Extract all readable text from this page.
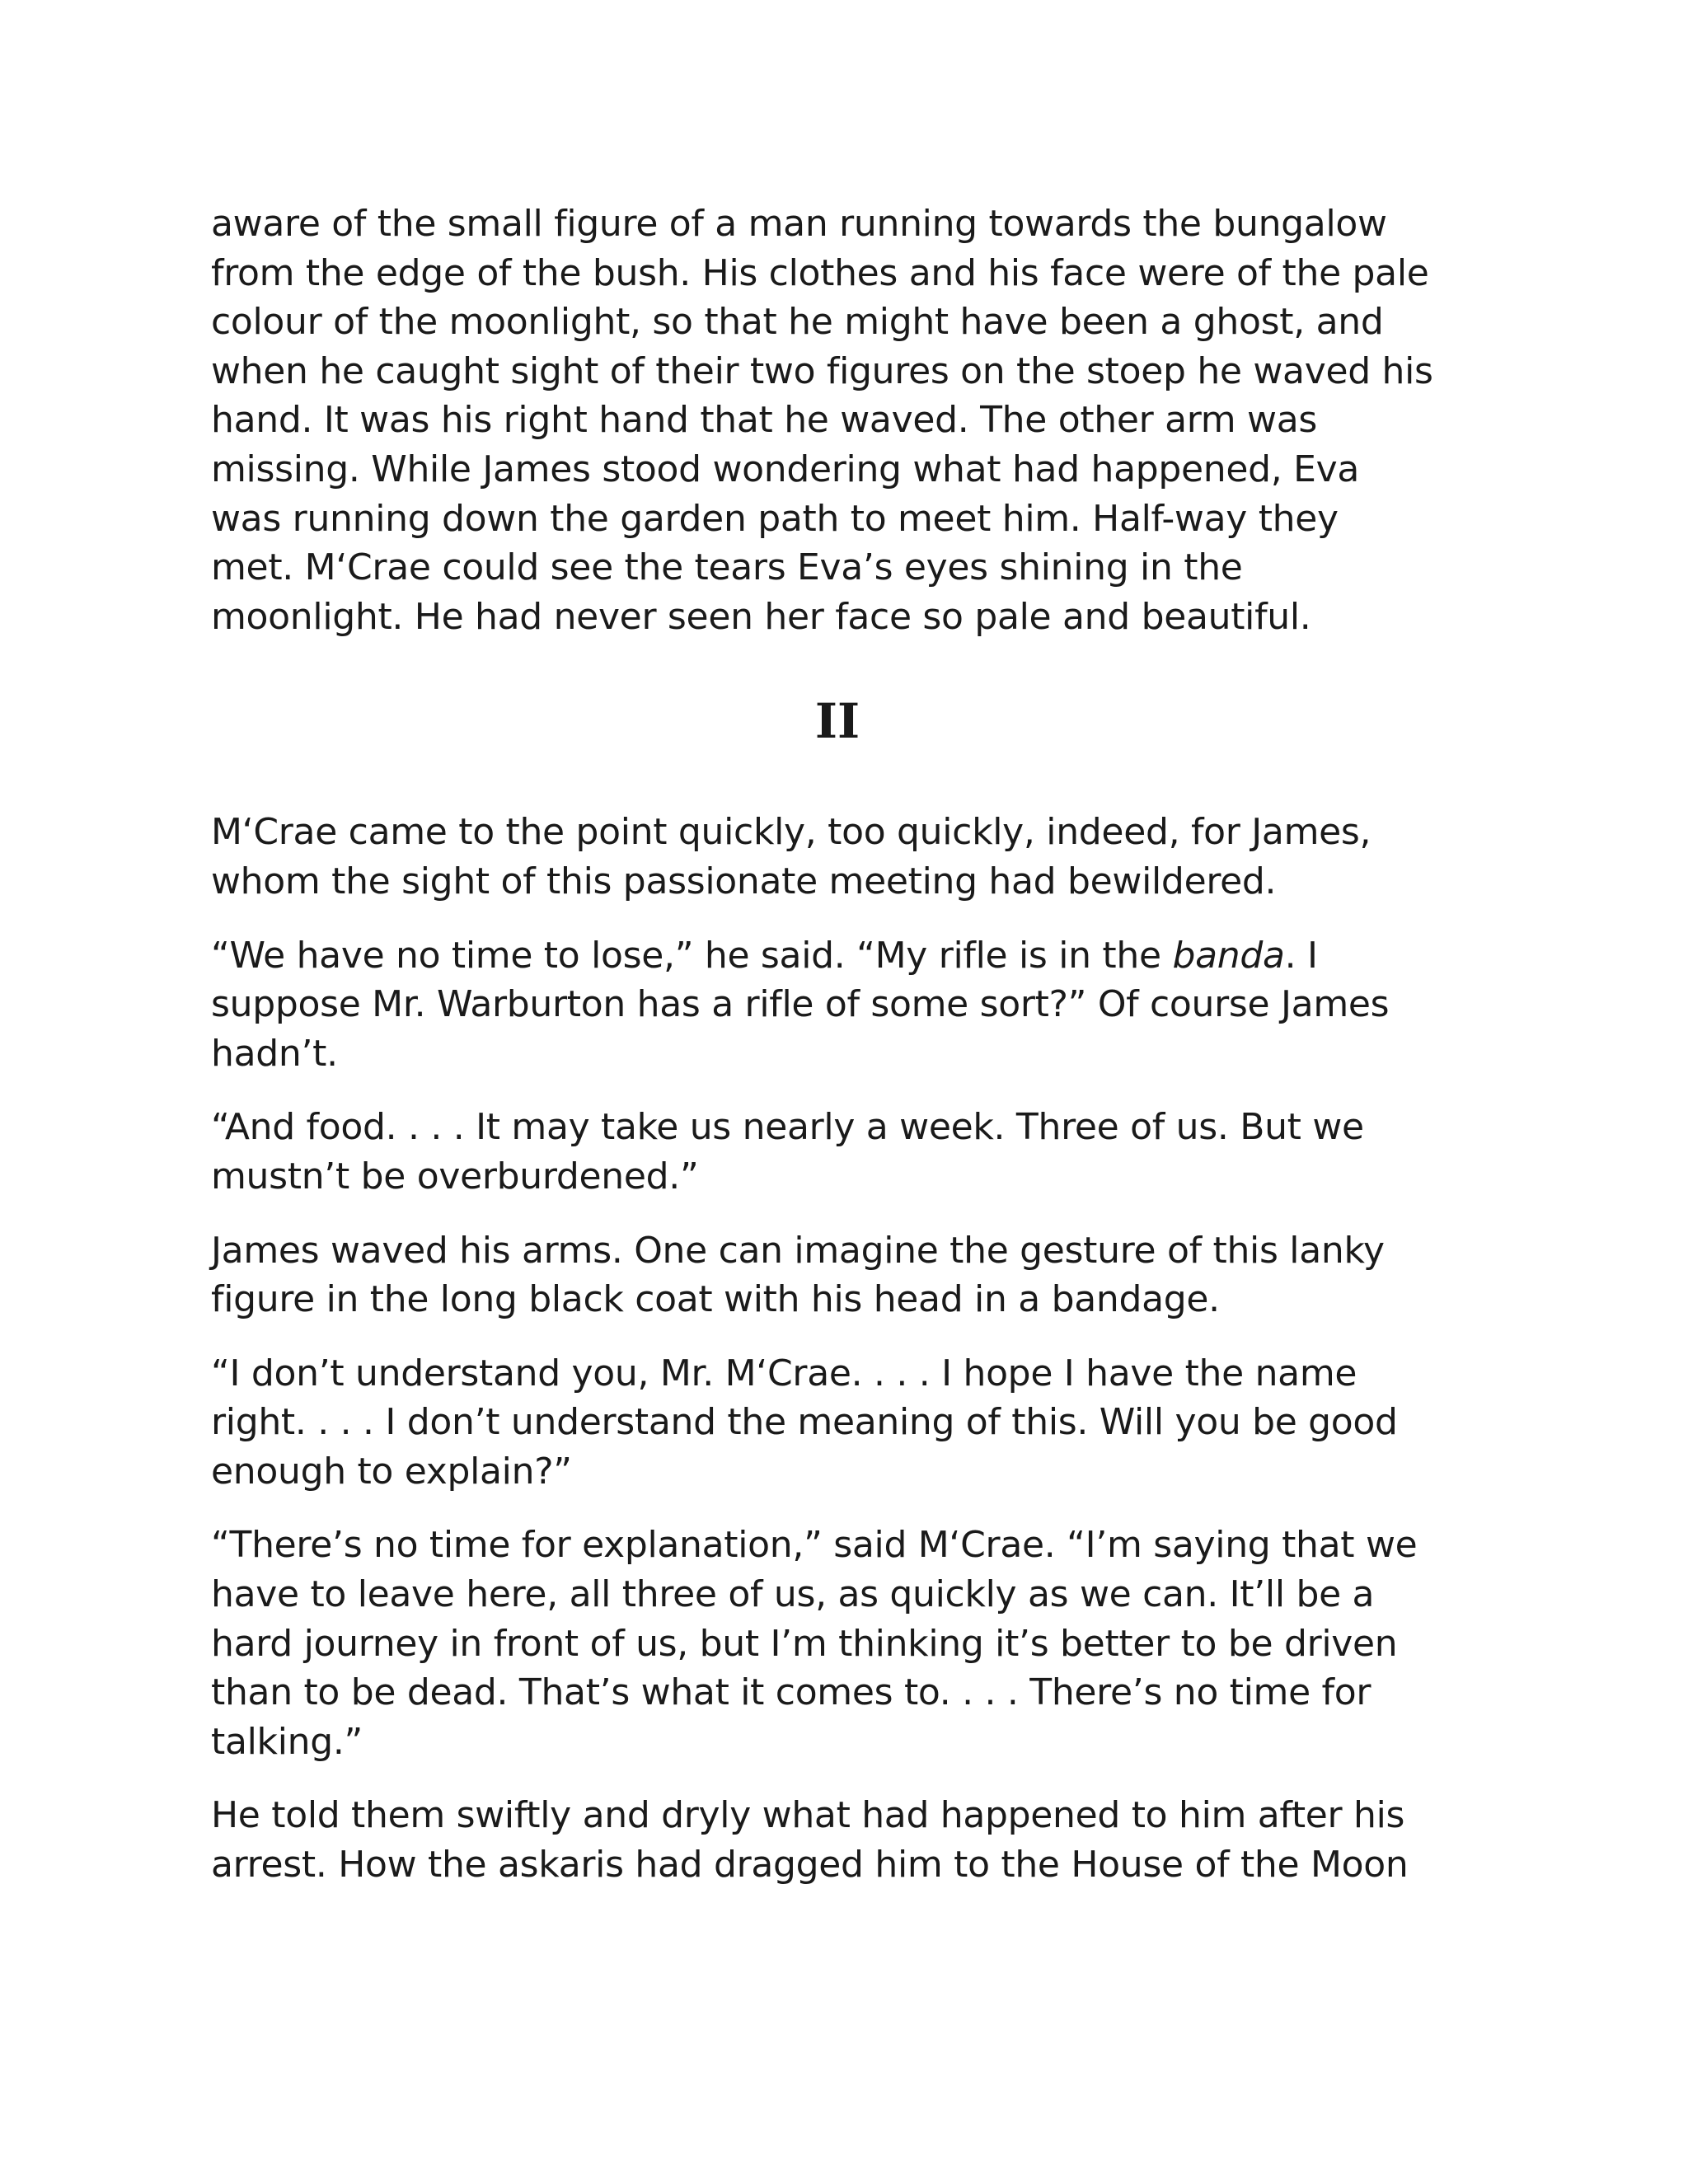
aware of the small figure of a man running towards the bungalow
from the edge of the bush. His clothes and his face were of the pale
colour of the moonlight, so that he might have been a ghost, and
when he caught sight of their two figures on the stoep he waved his
hand. It was his right hand that he waved. The other arm was
missing. While James stood wondering what had happened, Eva
was running down the garden path to meet him. Half-way they
met. M‘Crae could see the tears Eva’s eyes shining in the
moonlight. He had never seen her face so pale and beautiful.
II
M‘Crae came to the point quickly, too quickly, indeed, for James,
whom the sight of this passionate meeting had bewildered.
“We have no time to lose,” he said. “My rifle is in the banda. I
suppose Mr. Warburton has a rifle of some sort?” Of course James
hadn’t.
“And food. . . . It may take us nearly a week. Three of us. But we
mustn’t be overburdened.”
James waved his arms. One can imagine the gesture of this lanky
figure in the long black coat with his head in a bandage.
“I don’t understand you, Mr. M‘Crae. . . . I hope I have the name
right. . . . I don’t understand the meaning of this. Will you be good
enough to explain?”
“There’s no time for explanation,” said M‘Crae. “I’m saying that we
have to leave here, all three of us, as quickly as we can. It’ll be a
hard journey in front of us, but I’m thinking it’s better to be driven
than to be dead. That’s what it comes to. . . . There’s no time for
talking.”
He told them swiftly and dryly what had happened to him after his
arrest. How the askaris had dragged him to the House of the Moon
